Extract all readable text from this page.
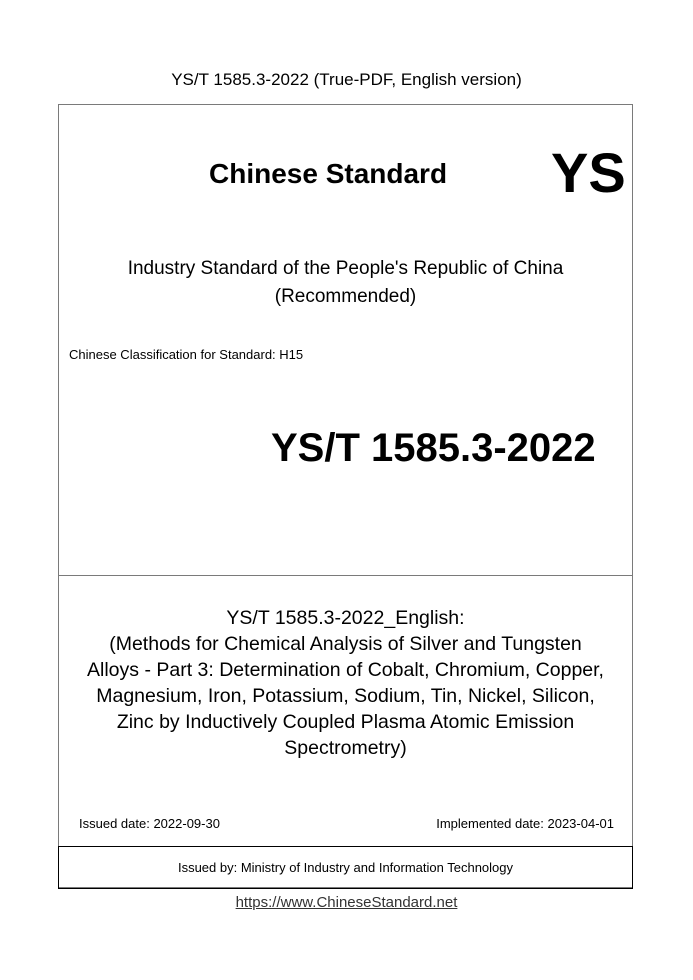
YS/T 1585.3-2022 (True-PDF, English version)
Chinese Standard YS
Industry Standard of the People's Republic of China
(Recommended)
Chinese Classification for Standard: H15
YS/T 1585.3-2022
YS/T 1585.3-2022_English:
(Methods for Chemical Analysis of Silver and Tungsten
Alloys - Part 3: Determination of Cobalt, Chromium, Copper,
Magnesium, Iron, Potassium, Sodium, Tin, Nickel, Silicon,
Zinc by Inductively Coupled Plasma Atomic Emission
Spectrometry)
Issued date: 2022-09-30	Implemented date: 2023-04-01
Issued by: Ministry of Industry and Information Technology
https://www.ChineseStandard.net
